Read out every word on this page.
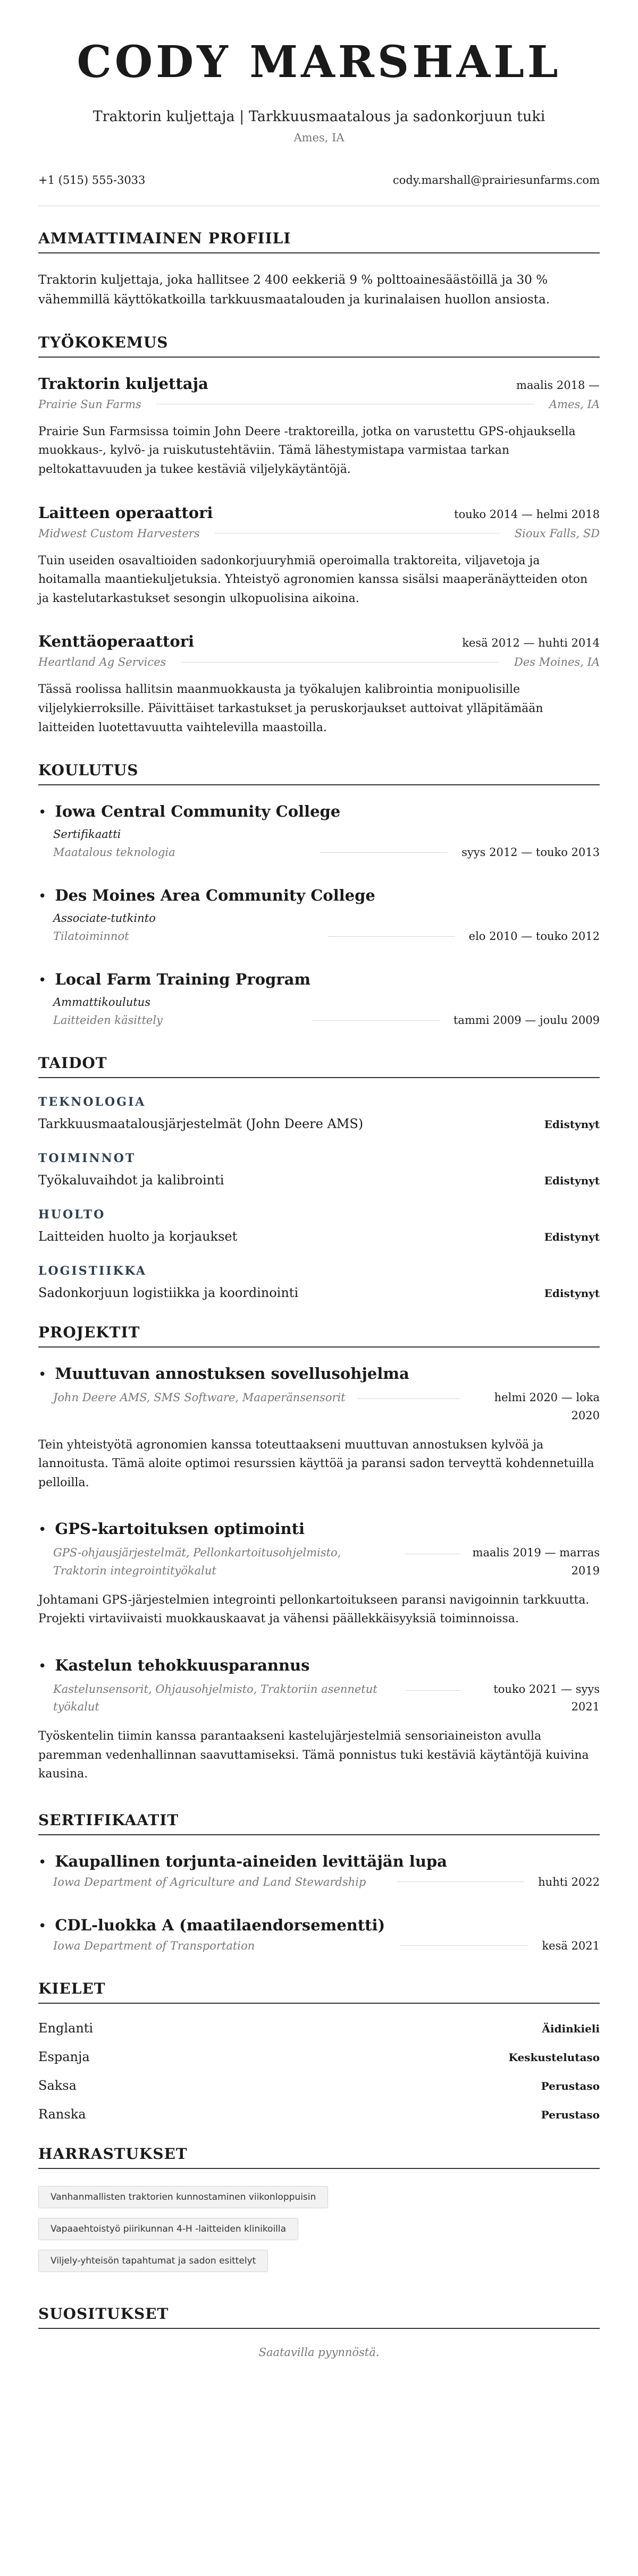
CODY MARSHALL
Traktorin kuljettaja | Tarkkuusmaatalous ja sadonkorjuun tuki
Ames, IA
+1 (515) 555-3033	cody.marshall@prairiesunfarms.com
AMMATTIMAINEN PROFIILI
Traktorin kuljettaja, joka hallitsee 2 400 eekkeriä 9 % polttoainesäästöillä ja 30 % vähemmillä käyttökatkoilla tarkkuusmaatalouden ja kurinalaisen huollon ansiosta.
TYÖKOKEMUS
Traktorin kuljettaja	maalis 2018 —
Prairie Sun Farms	Ames, IA
Prairie Sun Farmsissa toimin John Deere -traktoreilla, jotka on varustettu GPS-ohjauksella muokkaus-, kylvö- ja ruiskutustehtäviin. Tämä lähestymistapa varmistaa tarkan peltokattavuuden ja tukee kestäviä viljelykäytäntöjä.
Laitteen operaattori	touko 2014 — helmi 2018
Midwest Custom Harvesters	Sioux Falls, SD
Tuin useiden osavaltioiden sadonkorjuuryhmiä operoimalla traktoreita, viljavetoja ja hoitamalla maantiekuljetuksia. Yhteistyö agronomien kanssa sisälsi maaperänäytteiden oton ja kastelutarkastukset sesongin ulkopuolisina aikoina.
Kenttäoperaattori	kesä 2012 — huhti 2014
Heartland Ag Services	Des Moines, IA
Tässä roolissa hallitsin maanmuokkausta ja työkalujen kalibrointia monipuolisille viljelykierroksille. Päivittäiset tarkastukset ja peruskorjaukset auttoivat ylläpitämään laitteiden luotettavuutta vaihtelevilla maastoilla.
KOULUTUS
• Iowa Central Community College
Sertifikaatti
Maatalous teknologia	syys 2012 — touko 2013
• Des Moines Area Community College
Associate-tutkinto
Tilatoiminnot	elo 2010 — touko 2012
• Local Farm Training Program
Ammattikoulutus
Laitteiden käsittely	tammi 2009 — joulu 2009
TAIDOT
TEKNOLOGIA
Tarkkuusmaatalousjärjestelmät (John Deere AMS)	Edistynyt
TOIMINNOT
Työkaluvaihdot ja kalibrointi	Edistynyt
HUOLTO
Laitteiden huolto ja korjaukset	Edistynyt
LOGISTIIKKA
Sadonkorjuun logistiikka ja koordinointi	Edistynyt
PROJEKTIT
• Muuttuvan annostuksen sovellusohjelma
John Deere AMS, SMS Software, Maaperänsensorit	helmi 2020 — loka 2020
Tein yhteistyötä agronomien kanssa toteuttaakseni muuttuvan annostuksen kylvöä ja lannoitusta. Tämä aloite optimoi resurssien käyttöä ja paransi sadon terveyttä kohdennetuilla pelloilla.
• GPS-kartoituksen optimointi
GPS-ohjausjärjestelmät, Pellonkartoitusohjelmisto, Traktorin integrointityökalut
maalis 2019 — marras 2019
Johtamani GPS-järjestelmien integrointi pellonkartoitukseen paransi navigoinnin tarkkuutta. Projekti virtaviivaisti muokkauskaavat ja vähensi päällekkäisyyksiä toiminnoissa.
• Kastelun tehokkuusparannus
Kastelunsensorit, Ohjausohjelmisto, Traktoriin asennetut työkalut
touko 2021 — syys 2021
Työskentelin tiimin kanssa parantaakseni kastelujärjestelmiä sensoriaineiston avulla paremman vedenhallinnan saavuttamiseksi. Tämä ponnistus tuki kestäviä käytäntöjä kuivina kausina.
SERTIFIKAATIT
• Kaupallinen torjunta-aineiden levittäjän lupa
Iowa Department of Agriculture and Land Stewardship	huhti 2022
• CDL-luokka A (maatilaendorsementti)
Iowa Department of Transportation	kesä 2021
KIELET
Englanti	Äidinkieli
Espanja	Keskustelutaso
Saksa	Perustaso
Ranska	Perustaso
HARRASTUKSET
Vanhanmallisten traktorien kunnostaminen viikonloppuisin
Vapaaehtoistyö piirikunnan 4-H -laitteiden klinikoilla
Viljely-yhteisön tapahtumat ja sadon esittelyt
SUOSITUKSET
Saatavilla pyynnöstä.
